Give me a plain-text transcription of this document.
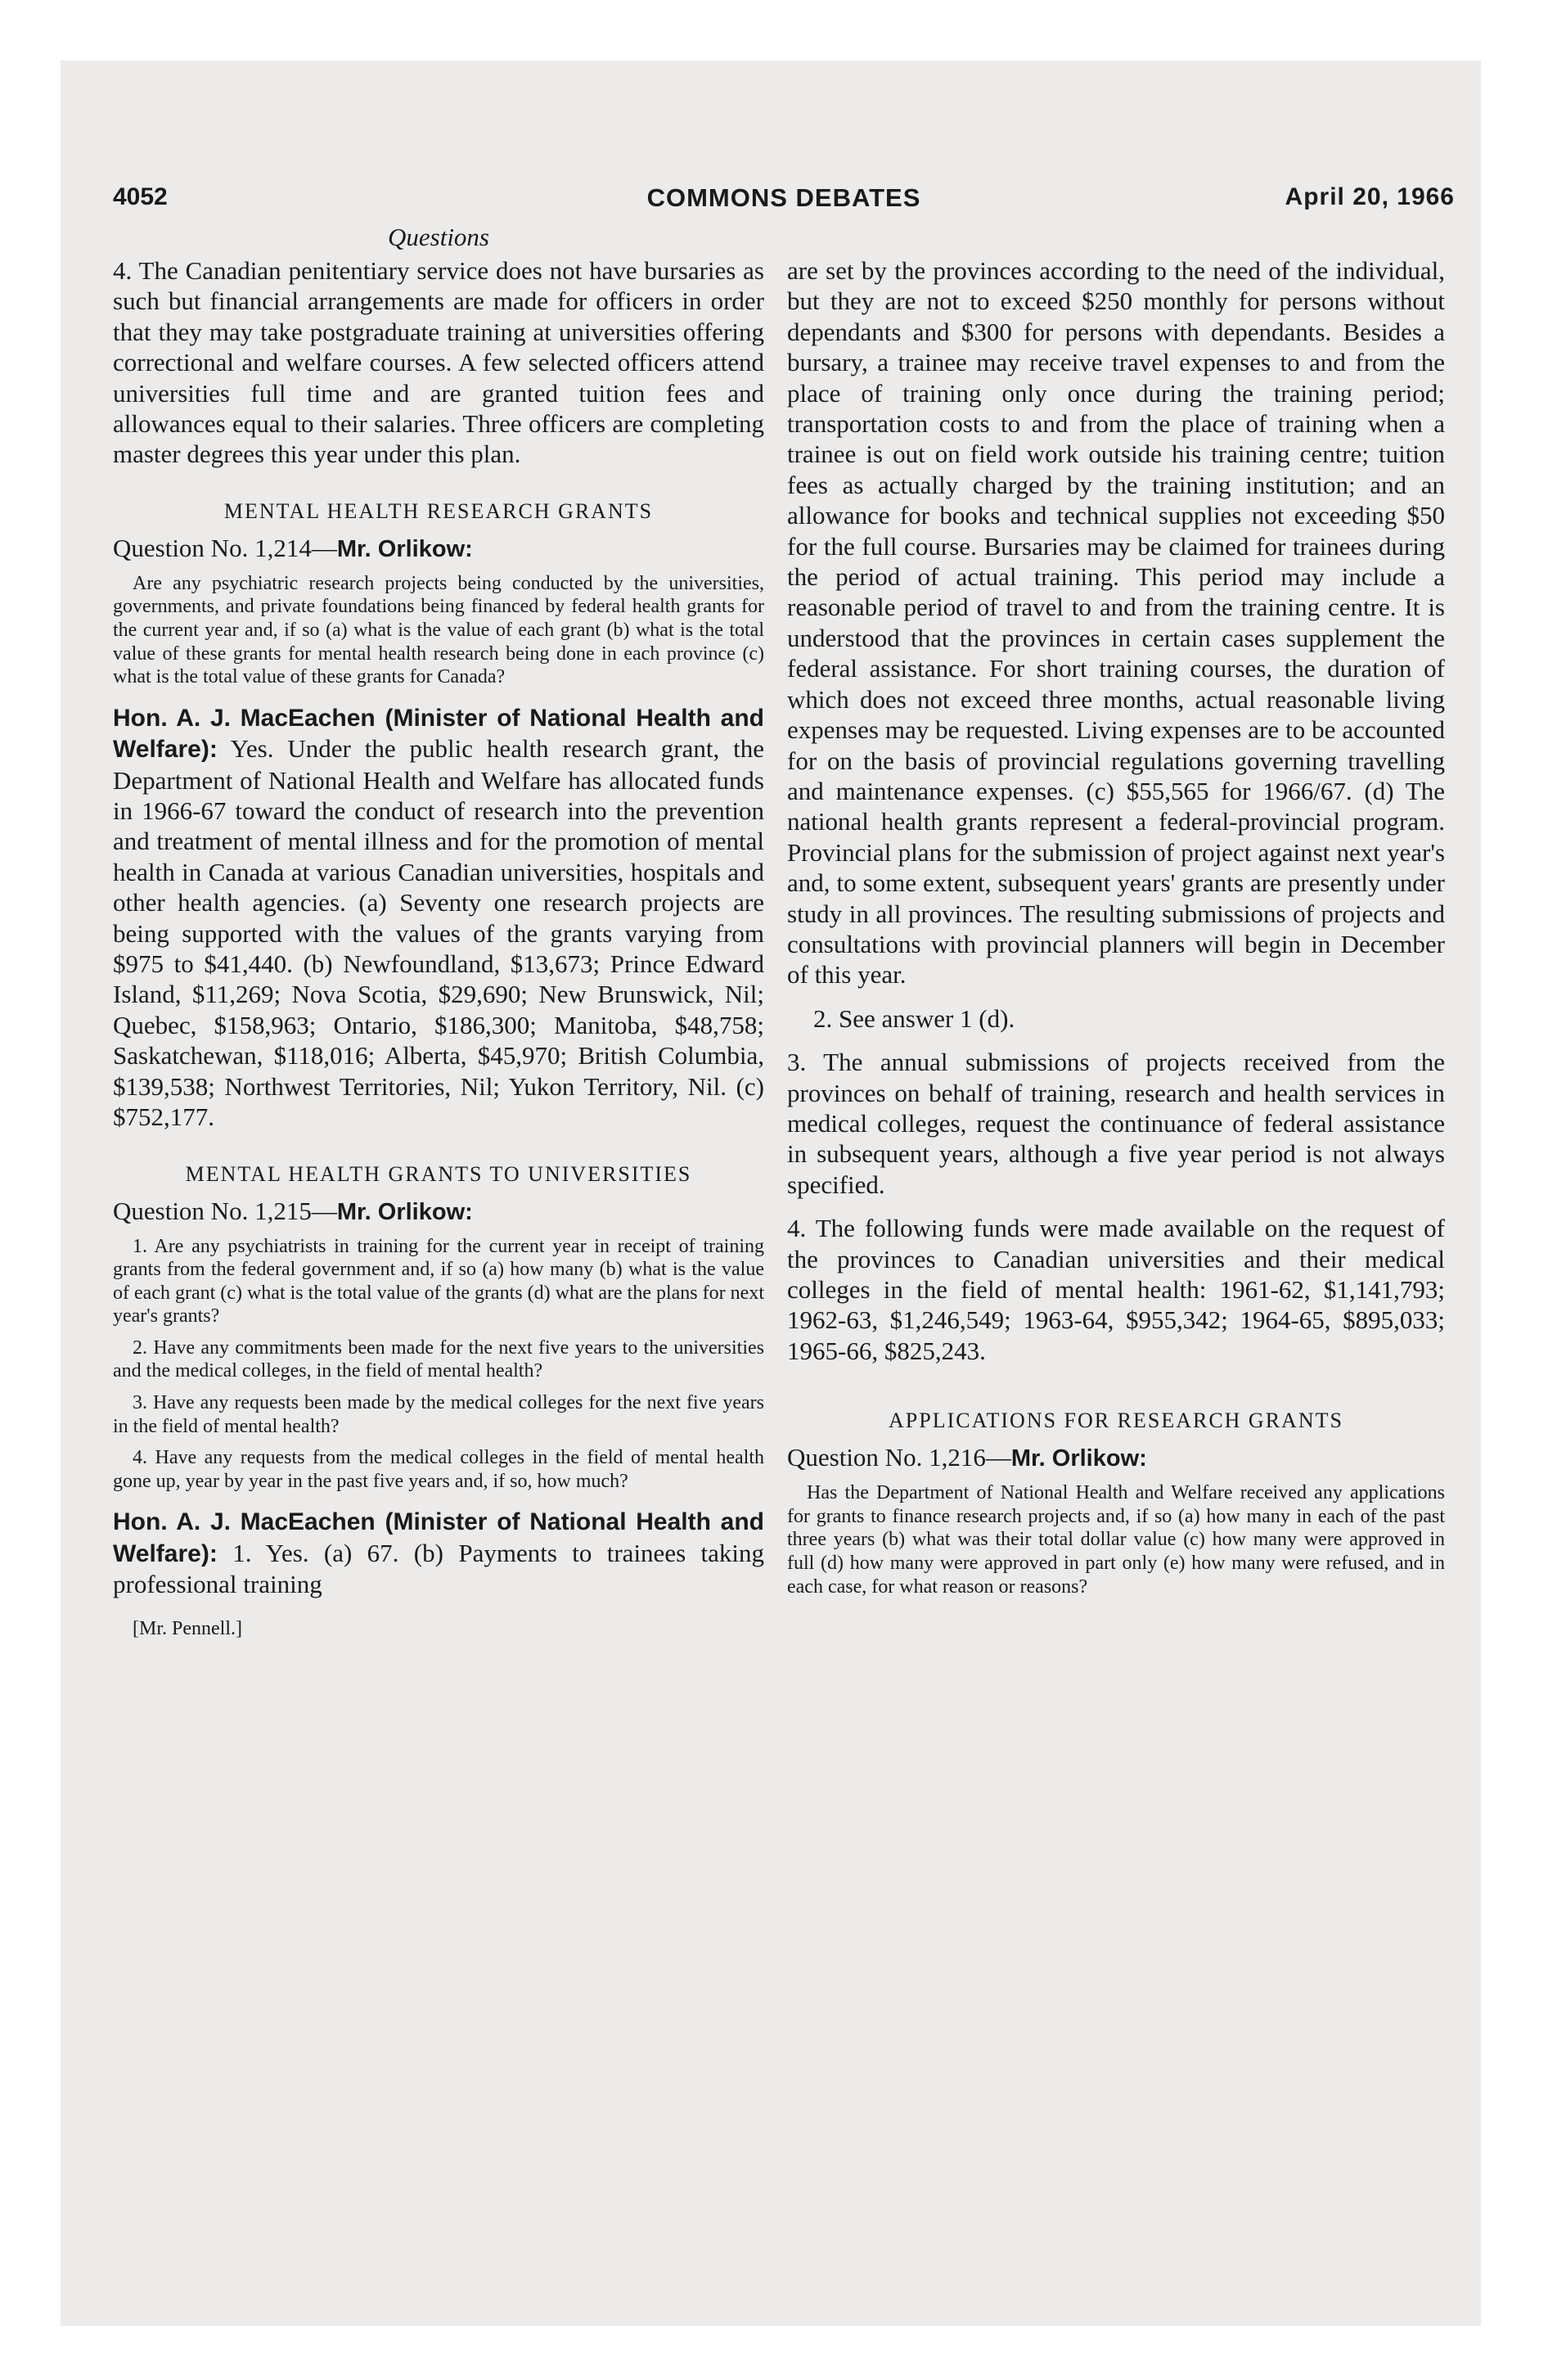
4052	COMMONS DEBATES	April 20, 1966
Questions

4. The Canadian penitentiary service does not have bursaries as such but financial arrangements are made for officers in order that they may take postgraduate training at universities offering correctional and welfare courses. A few selected officers attend universities full time and are granted tuition fees and allowances equal to their salaries. Three officers are completing master degrees this year under this plan.

MENTAL HEALTH RESEARCH GRANTS
Question No. 1,214—Mr. Orlikow:

Are any psychiatric research projects being conducted by the universities, governments, and private foundations being financed by federal health grants for the current year and, if so (a) what is the value of each grant (b) what is the total value of these grants for mental health research being done in each province (c) what is the total value of these grants for Canada?

Hon. A. J. MacEachen (Minister of National Health and Welfare): Yes. Under the public health research grant, the Department of National Health and Welfare has allocated funds in 1966-67 toward the conduct of research into the prevention and treatment of mental illness and for the promotion of mental health in Canada at various Canadian universities, hospitals and other health agencies. (a) Seventy one research projects are being supported with the values of the grants varying from $975 to $41,440. (b) Newfoundland, $13,673; Prince Edward Island, $11,269; Nova Scotia, $29,690; New Brunswick, Nil; Quebec, $158,963; Ontario, $186,300; Manitoba, $48,758; Saskatchewan, $118,016; Alberta, $45,970; British Columbia, $139,538; Northwest Territories, Nil; Yukon Territory, Nil. (c) $752,177.

MENTAL HEALTH GRANTS TO UNIVERSITIES
Question No. 1,215—Mr. Orlikow:

1. Are any psychiatrists in training for the current year in receipt of training grants from the federal government and, if so (a) how many (b) what is the value of each grant (c) what is the total value of the grants (d) what are the plans for next year's grants?

2. Have any commitments been made for the next five years to the universities and the medical colleges, in the field of mental health?

3. Have any requests been made by the medical colleges for the next five years in the field of mental health?

4. Have any requests from the medical colleges in the field of mental health gone up, year by year in the past five years and, if so, how much?

Hon. A. J. MacEachen (Minister of National Health and Welfare): 1. Yes. (a) 67. (b) Payments to trainees taking professional training

[Mr. Pennell.]

are set by the provinces according to the need of the individual, but they are not to exceed $250 monthly for persons without dependants and $300 for persons with dependants. Besides a bursary, a trainee may receive travel expenses to and from the place of training only once during the training period; transportation costs to and from the place of training when a trainee is out on field work outside his training centre; tuition fees as actually charged by the training institution; and an allowance for books and technical supplies not exceeding $50 for the full course. Bursaries may be claimed for trainees during the period of actual training. This period may include a reasonable period of travel to and from the training centre. It is understood that the provinces in certain cases supplement the federal assistance. For short training courses, the duration of which does not exceed three months, actual reasonable living expenses may be requested. Living expenses are to be accounted for on the basis of provincial regulations governing travelling and maintenance expenses. (c) $55,565 for 1966/67. (d) The national health grants represent a federal-provincial program. Provincial plans for the submission of project against next year's and, to some extent, subsequent years' grants are presently under study in all provinces. The resulting submissions of projects and consultations with provincial planners will begin in December of this year.

2. See answer 1 (d).

3. The annual submissions of projects received from the provinces on behalf of training, research and health services in medical colleges, request the continuance of federal assistance in subsequent years, although a five year period is not always specified.

4. The following funds were made available on the request of the provinces to Canadian universities and their medical colleges in the field of mental health: 1961-62, $1,141,793; 1962-63, $1,246,549; 1963-64, $955,342; 1964-65, $895,033; 1965-66, $825,243.

APPLICATIONS FOR RESEARCH GRANTS
Question No. 1,216—Mr. Orlikow:

Has the Department of National Health and Welfare received any applications for grants to finance research projects and, if so (a) how many in each of the past three years (b) what was their total dollar value (c) how many were approved in full (d) how many were approved in part only (e) how many were refused, and in each case, for what reason or reasons?
